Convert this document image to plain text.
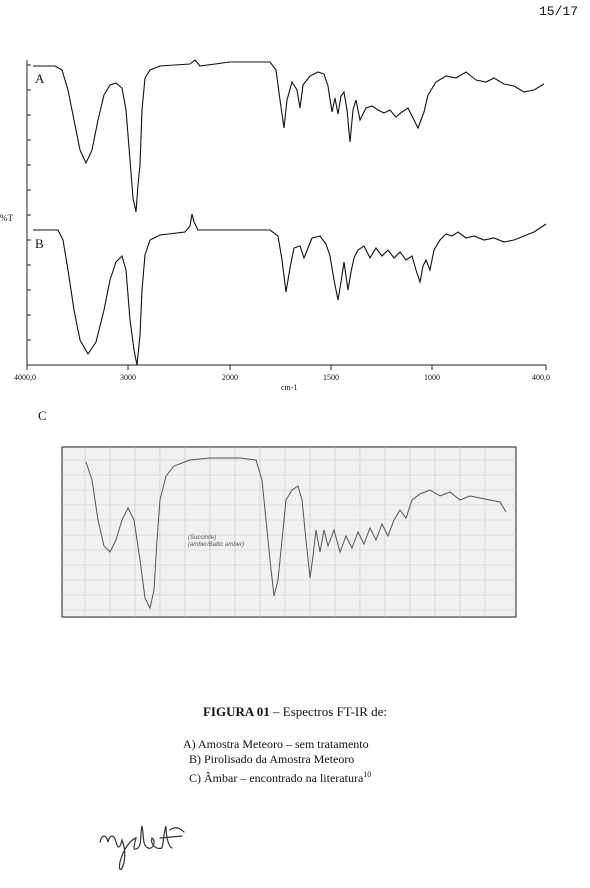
15/17
%T
A
B
C
4000,0	3000	2000	1500	1000	400,0
cm-1
(Succinite)
(amber/Baltic amber)
FIGURA 01 – Espectros FT-IR de:
A) Amostra Meteoro – sem tratamento
B) Pirolisado da Amostra Meteoro
C) Âmbar – encontrado na literatura$^{10}$
